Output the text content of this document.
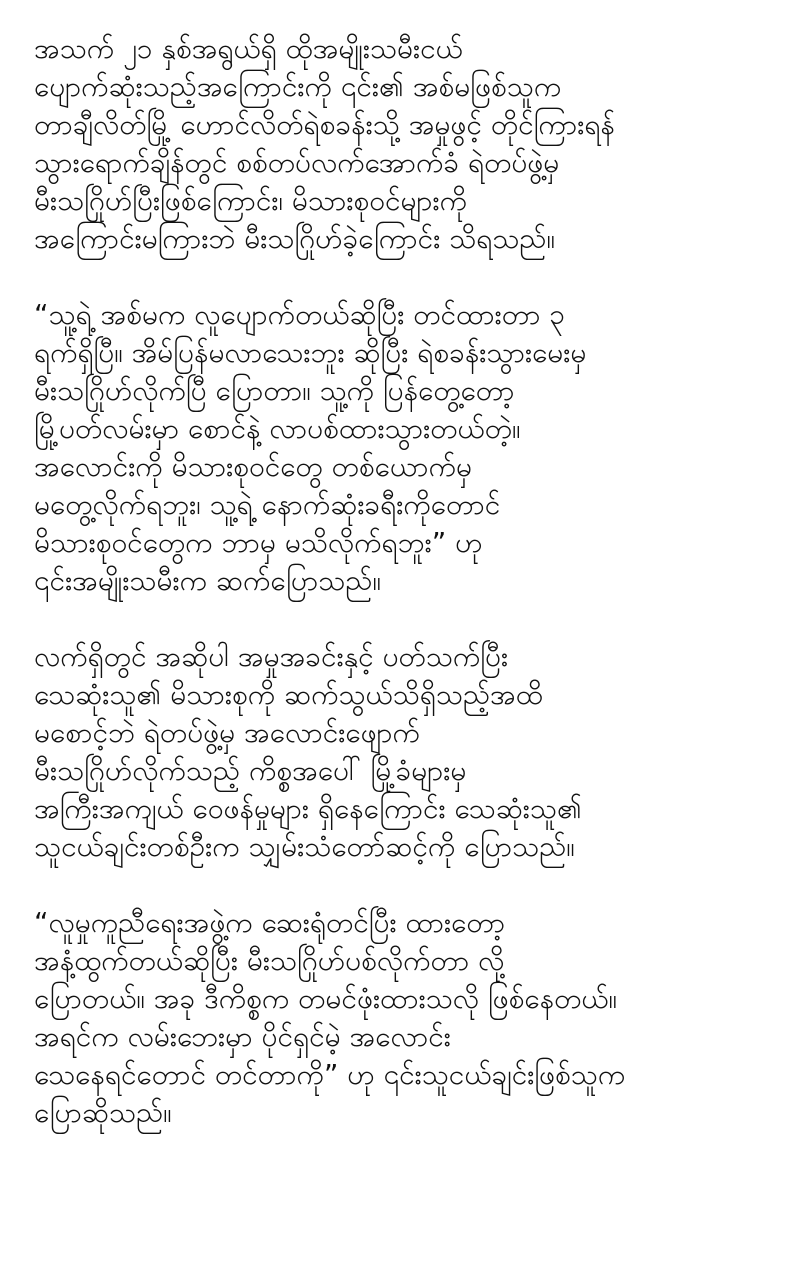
အသက် ၂၁ နှစ်အရွယ်ရှိ ထိုအမျိုးသမီးငယ်
ပျောက်ဆုံးသည့်အကြောင်းကို ၎င်း၏ အစ်မဖြစ်သူက
တာချီလိတ်မြို့ ဟောင်လိတ်ရဲစခန်းသို့ အမှုဖွင့် တိုင်ကြားရန်
သွားရောက်ချိန်တွင် စစ်တပ်လက်အောက်ခံ ရဲတပ်ဖွဲ့မှ
မီးသဂြိုဟ်ပြီးဖြစ်ကြောင်း၊ မိသားစုဝင်များကို
အကြောင်းမကြားဘဲ မီးသဂြိုဟ်ခဲ့ကြောင်း သိရသည်။

“သူ့ရဲ့ အစ်မက လူပျောက်တယ်ဆိုပြီး တင်ထားတာ ၃
ရက်ရှိပြီ။ အိမ်ပြန်မလာသေးဘူး ဆိုပြီး ရဲစခန်းသွားမေးမှ
မီးသဂြိုဟ်လိုက်ပြီ ပြောတာ။ သူ့ကို ပြန်တွေ့တော့
မြို့ပတ်လမ်းမှာ စောင်နဲ့ လာပစ်ထားသွားတယ်တဲ့။
အလောင်းကို မိသားစုဝင်တွေ တစ်ယောက်မှ
မတွေ့လိုက်ရဘူး၊ သူ့ရဲ့ နောက်ဆုံးခရီးကိုတောင်
မိသားစုဝင်တွေက ဘာမှ မသိလိုက်ရဘူး” ဟု
၎င်းအမျိုးသမီးက ဆက်ပြောသည်။

လက်ရှိတွင် အဆိုပါ အမှုအခင်းနှင့် ပတ်သက်ပြီး
သေဆုံးသူ၏ မိသားစုကို ဆက်သွယ်သိရှိသည့်အထိ
မစောင့်ဘဲ ရဲတပ်ဖွဲ့မှ အလောင်းဖျောက်
မီးသဂြိုဟ်လိုက်သည့် ကိစ္စအပေါ် မြို့ခံများမှ
အကြီးအကျယ် ဝေဖန်မှုများ ရှိနေကြောင်း သေဆုံးသူ၏
သူငယ်ချင်းတစ်ဦးက သျှမ်းသံတော်ဆင့်ကို ပြောသည်။

“လူမှုကူညီရေးအဖွဲ့က ဆေးရုံတင်ပြီး ထားတော့
အနံ့ထွက်တယ်ဆိုပြီး မီးသဂြိုဟ်ပစ်လိုက်တာ လို့
ပြောတယ်။ အခု ဒီကိစ္စက တမင်ဖုံးထားသလို ဖြစ်နေတယ်။
အရင်က လမ်းဘေးမှာ ပိုင်ရှင်မဲ့ အလောင်း
သေနေရင်တောင် တင်တာကို” ဟု ၎င်းသူငယ်ချင်းဖြစ်သူက
ပြောဆိုသည်။
